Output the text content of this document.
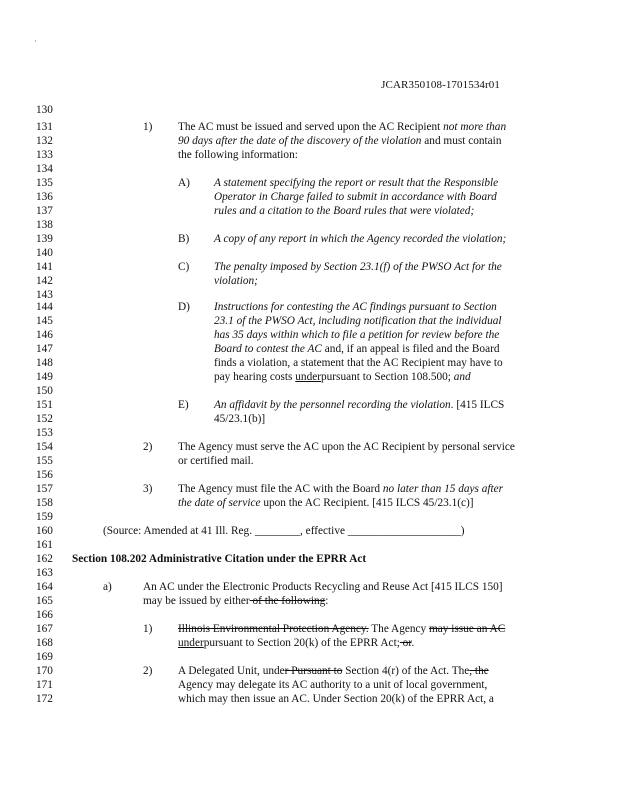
·
JCAR350108-1701534r01
130
131	1) The AC must be issued and served upon the AC Recipient not more than
132	90 days after the date of the discovery of the violation and must contain
133	the following information:
134
135	A) A statement specifying the report or result that the Responsible
136	Operator in Charge failed to submit in accordance with Board
137	rules and a citation to the Board rules that were violated;
138
139	B) A copy of any report in which the Agency recorded the violation;
140
141	C) The penalty imposed by Section 23.1(f) of the PWSO Act for the
142	violation;
143
144	D) Instructions for contesting the AC findings pursuant to Section
145	23.1 of the PWSO Act, including notification that the individual
146	has 35 days within which to file a petition for review before the
147	Board to contest the AC and, if an appeal is filed and the Board
148	finds a violation, a statement that the AC Recipient may have to
149	pay hearing costs underpursuant to Section 108.500; and
150
151	E) An affidavit by the personnel recording the violation. [415 ILCS
152	45/23.1(b)]
153
154	2) The Agency must serve the AC upon the AC Recipient by personal service
155	or certified mail.
156
157	3) The Agency must file the AC with the Board no later than 15 days after
158	the date of service upon the AC Recipient. [415 ILCS 45/23.1(c)]
159
160	(Source: Amended at 41 Ill. Reg. ________, effective ____________________)
161
162	Section 108.202 Administrative Citation under the EPRR Act
163
164	a)	An AC under the Electronic Products Recycling and Reuse Act [415 ILCS 150]
165	may be issued by either of the following:
166
167	1) Illinois Environmental Protection Agency. The Agency may issue an AC
168	underpursuant to Section 20(k) of the EPRR Act; or.
169
170	2) A Delegated Unit, under Pursuant to Section 4(r) of the Act. The, the
171	Agency may delegate its AC authority to a unit of local government,
172	which may then issue an AC. Under Section 20(k) of the EPRR Act, a
